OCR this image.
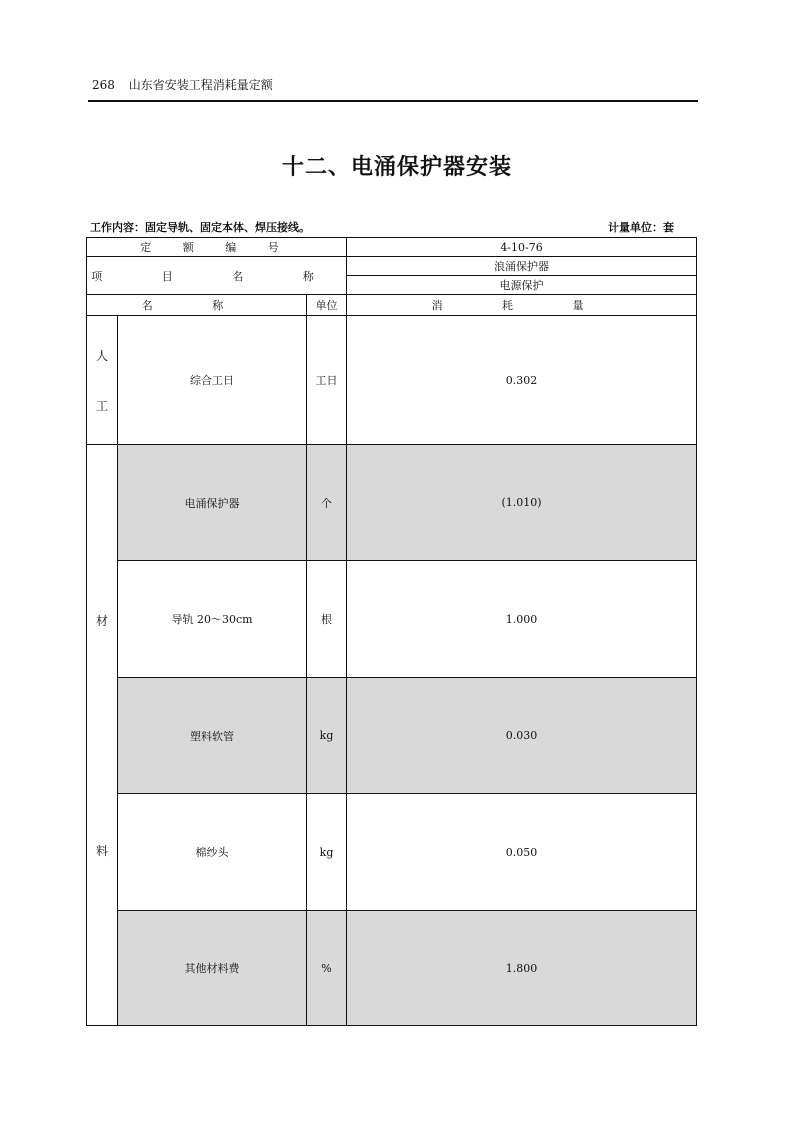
268 山东省安装工程消耗量定额
十二、电涌保护器安装
工作内容：固定导轨、固定本体、焊压接线。	计量单位：套
定 额 编 号			4-10-76
项 目 名 称			浪涌保护器
			电源保护
名 称		单位	消 耗 量

人
工	综合工日	工日	0.302

材
料	电涌保护器	个	(1.010)
	导轨 20～30cm	根	1.000
	塑料软管	kg	0.030
	棉纱头	kg	0.050
	其他材料费	%	1.800
